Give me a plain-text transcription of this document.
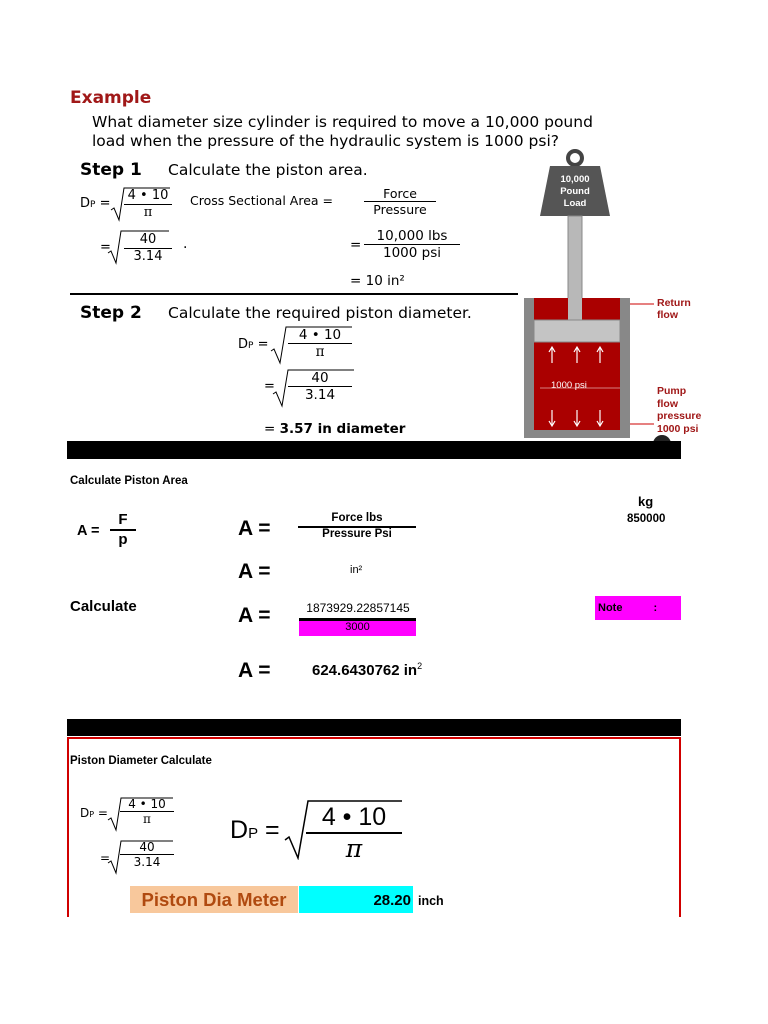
Example
What diameter size cylinder is required to move a 10,000 pound
load when the pressure of the hydraulic system is 1000 psi?
Step 1 Calculate the piston area.
DP = $\frac{4 • 10}{\pi}$
= $\frac{40}{3.14}$ .
Cross Sectional Area =	Force
Pressure
=
10,000 lbs
1000 psi
= 10 in²
Step 2 Calculate the required piston diameter.
DP = $\frac{4 • 10}{\pi}$
= $\frac{40}{3.14}$
= 3.57 in diameter
10,000
Pound
Load
1000 psi
Return
flow
Pump
flow
pressure
1000 psi
Calculate Piston Area
$A = \frac{F}{p}$	A =	Force lbs
Pressure Psi
kg
850000
A =	in²
Calculate	A =	1873929.22857145
3000
Note	:
A =	624.6430762 $in^2$
Piston Diameter Calculate
DP = $\frac{4 • 10}{\pi}$
= $\frac{40}{3.14}$
DP = $\frac{4 • 10}{\pi}$
Piston Dia Meter	28.20 inch
